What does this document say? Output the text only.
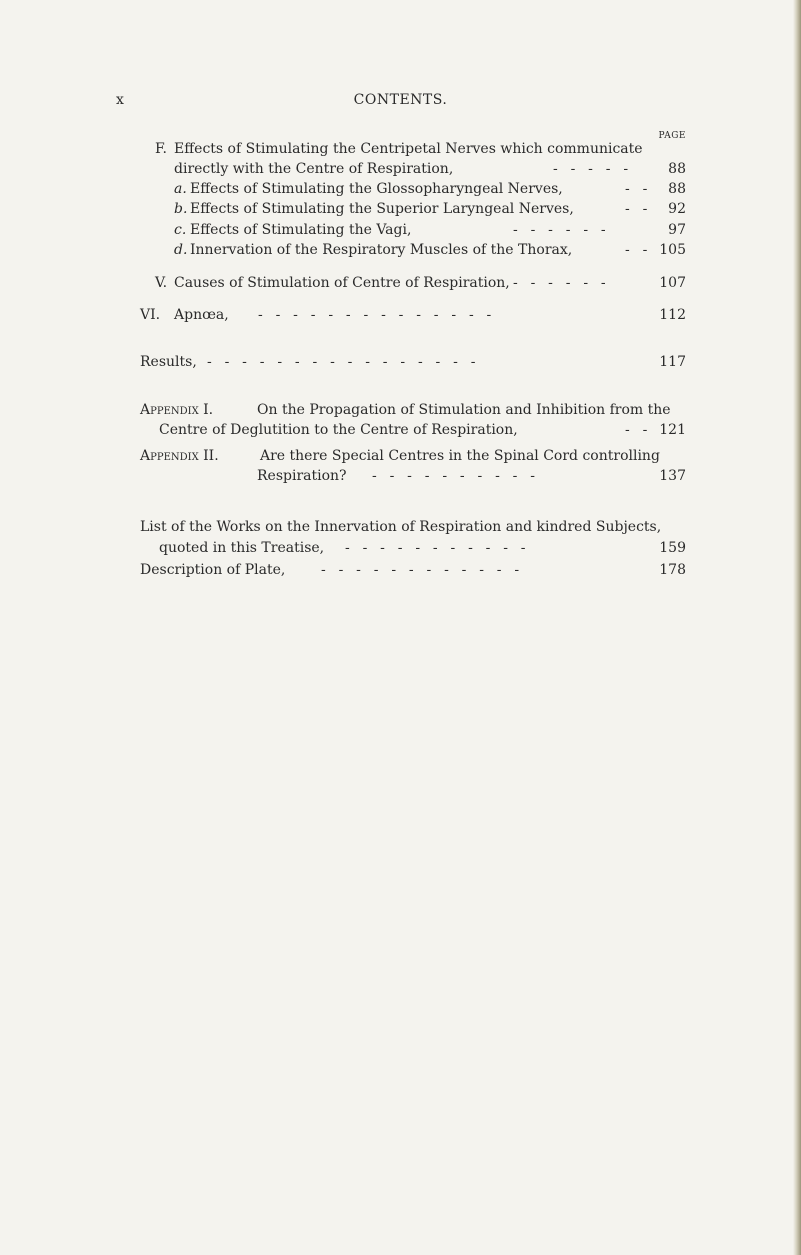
x	CONTENTS.
PAGE
F. Effects of Stimulating the Centripetal Nerves which communicate
directly with the Centre of Respiration,	- - - - -	88
a. Effects of Stimulating the Glossopharyngeal Nerves,	- - 88
b. Effects of Stimulating the Superior Laryngeal Nerves,	- - 92
c. Effects of Stimulating the Vagi,	- - - - - -	97
d. Innervation of the Respiratory Muscles of the Thorax,	- - 105
V. Causes of Stimulation of Centre of Respiration, - - - - - -	107
VI. Apnœa, - - - - - - - - - - - - - -	112
Results, - - - - - - - - - - - - - - - -	117
Appendix I.	On the Propagation of Stimulation and Inhibition from the
Centre of Deglutition to the Centre of Respiration,	- - 121
Appendix II.	Are there Special Centres in the Spinal Cord controlling
Respiration? - - - - - - - - - -	137
List of the Works on the Innervation of Respiration and kindred Subjects,
quoted in this Treatise, - - - - - - - - - - -	159
Description of Plate,	- - - - - - - - - - - -	178
